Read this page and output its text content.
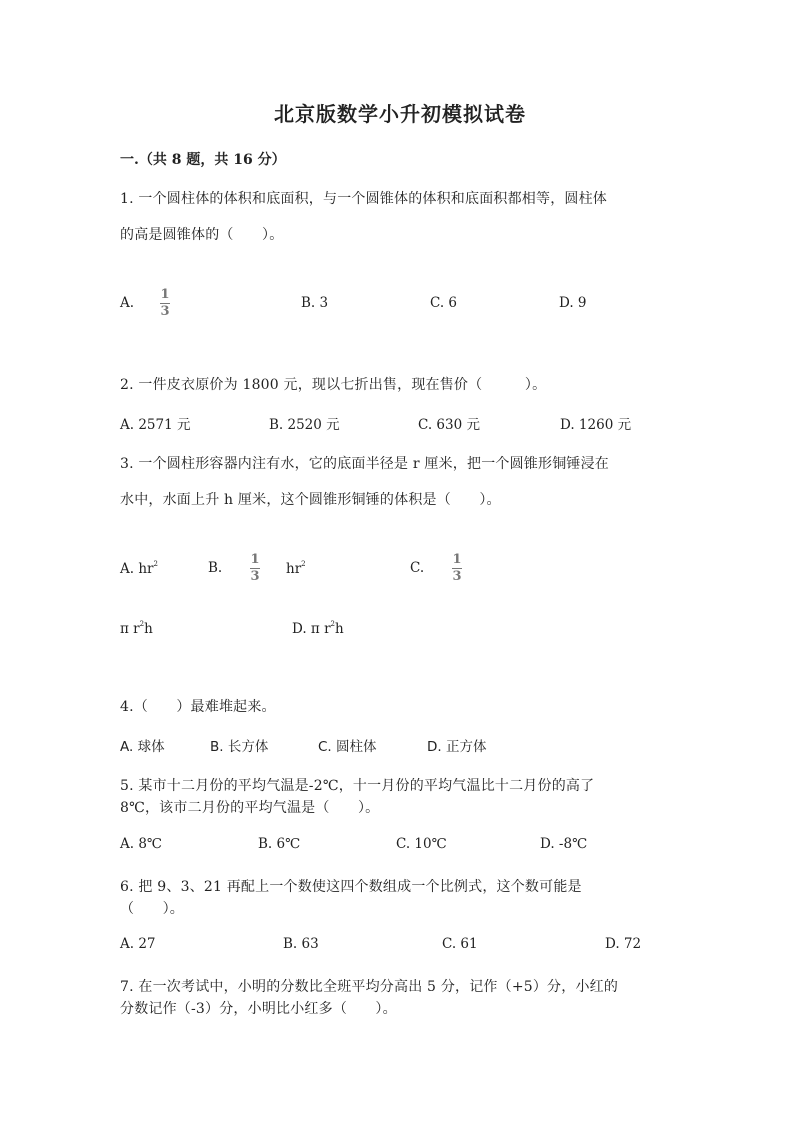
北京版数学小升初模拟试卷
一.（共 8 题，共 16 分）
1. 一个圆柱体的体积和底面积，与一个圆锥体的体积和底面积都相等，圆柱体
的高是圆锥体的（　　）。
A.
1
3
B. 3	C. 6	D. 9
2. 一件皮衣原价为 1800 元，现以七折出售，现在售价（　　　）。
A. 2571 元	B. 2520 元	C. 630 元	D. 1260 元
3. 一个圆柱形容器内注有水，它的底面半径是 r 厘米，把一个圆锥形铜锤浸在
水中，水面上升 h 厘米，这个圆锥形铜锤的体积是（　　）。
A. $hr^2$	B.
1
3 $hr^2$	C.
1
3
π $r^2h$	D. π $r^2h$
4.（　　）最难堆起来。
A. 球体	B. 长方体	C. 圆柱体	D. 正方体
5. 某市十二月份的平均气温是-2℃，十一月份的平均气温比十二月份的高了
8℃，该市二月份的平均气温是（　　）。
A. 8℃	B. 6℃	C. 10℃	D. -8℃
6. 把 9、3、21 再配上一个数使这四个数组成一个比例式，这个数可能是
（　　）。
A. 27	B. 63	C. 61	D. 72
7. 在一次考试中，小明的分数比全班平均分高出 5 分，记作（+5）分，小红的
分数记作（-3）分，小明比小红多（　　）。
